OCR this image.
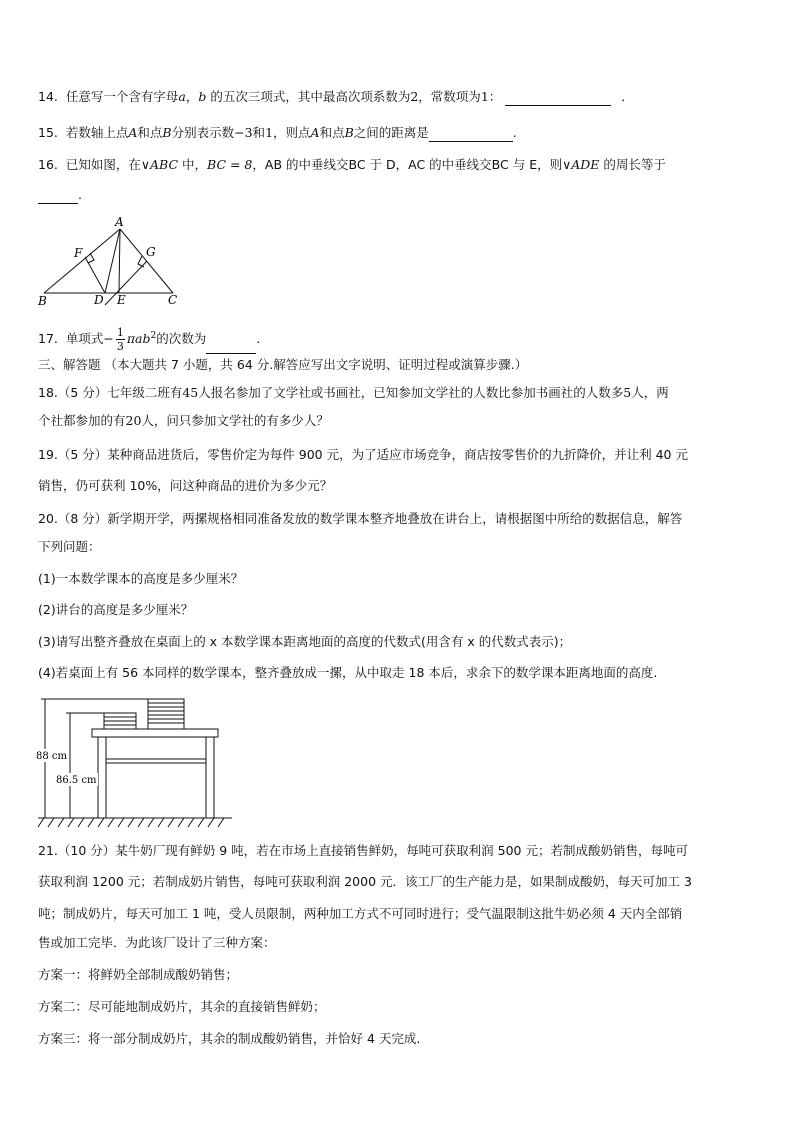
14. 任意写一个含有字母a，b 的五次三项式，其中最高次项系数为2，常数项为1：	．
15. 若数轴上点A和点B分别表示数−3和1，则点A和点B之间的距离是	.
16. 已知如图，在∨ABC 中，BC = 8，AB 的中垂线交BC 于 D，AC 的中垂线交BC 与 E，则∨ADE 的周长等于
.
A
F	G
B	D E	C
17. 单项式− $\frac{1}{3} \pi ab^2$的次数为	.
三、解答题 （本大题共 7 小题，共 64 分.解答应写出文字说明、证明过程或演算步骤.）
18.（5 分）七年级二班有45人报名参加了文学社或书画社，已知参加文学社的人数比参加书画社的人数多5人，两
个社都参加的有20人，问只参加文学社的有多少人？
19.（5 分）某种商品进货后，零售价定为每件 900 元，为了适应市场竞争，商店按零售价的九折降价，并让利 40 元
销售，仍可获利 10%，问这种商品的进价为多少元？
20.（8 分）新学期开学，两摞规格相同准备发放的数学课本整齐地叠放在讲台上，请根据图中所给的数据信息，解答
下列问题：
(1)一本数学课本的高度是多少厘米？
(2)讲台的高度是多少厘米？
(3)请写出整齐叠放在桌面上的 x 本数学课本距离地面的高度的代数式(用含有 x 的代数式表示)；
(4)若桌面上有 56 本同样的数学课本，整齐叠放成一摞，从中取走 18 本后，求余下的数学课本距离地面的高度.
88 cm
86.5 cm
21.（10 分）某牛奶厂现有鲜奶 9 吨，若在市场上直接销售鲜奶，每吨可获取利润 500 元；若制成酸奶销售，每吨可
获取利润 1200 元；若制成奶片销售，每吨可获取利润 2000 元．该工厂的生产能力是，如果制成酸奶，每天可加工 3
吨；制成奶片，每天可加工 1 吨，受人员限制，两种加工方式不可同时进行；受气温限制这批牛奶必须 4 天内全部销
售或加工完毕．为此该厂设计了三种方案：
方案一：将鲜奶全部制成酸奶销售；
方案二：尽可能地制成奶片，其余的直接销售鲜奶；
方案三：将一部分制成奶片，其余的制成酸奶销售，并恰好 4 天完成.
